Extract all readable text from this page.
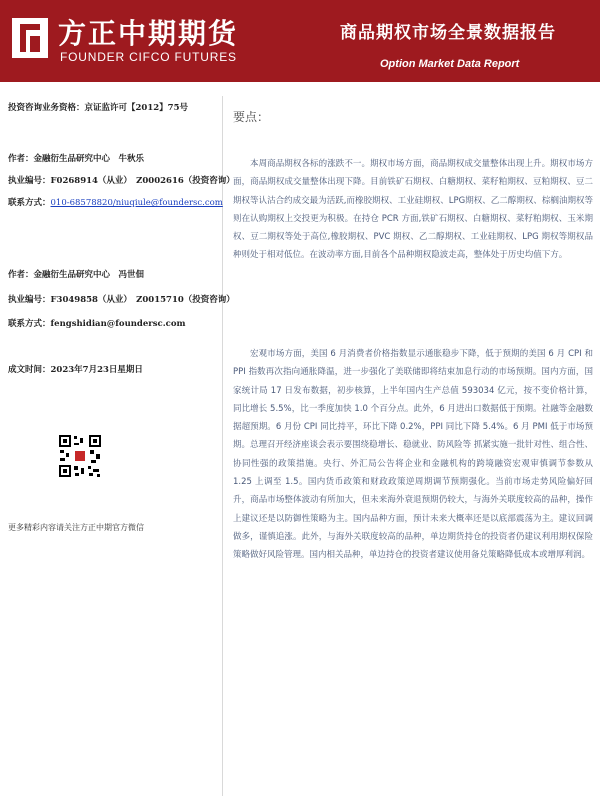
方正中期期货
FOUNDER CIFCO FUTURES
商品期权市场全景数据报告
Option Market Data Report
投资咨询业务资格：京证监许可【2012】75号
作者：金融衍生品研究中心　牛秋乐
执业编号：F0268914（从业）　Z0002616（投资咨询）
联系方式：010-68578820/niuqiule@foundersc.com
作者：金融衍生品研究中心　冯世佃
执业编号：F3049858（从业）　Z0015710（投资咨询）
联系方式：fengshidian@foundersc.com
成文时间：2023年7月23日星期日
更多精彩内容请关注方正中期官方微信
要点：

本周商品期权各标的涨跌不一。期权市场方面，商品期权成交量整体出现上升。期权市场方面，商品期权成交量整体出现下降。目前铁矿石期权、白糖期权、菜籽粕期权、豆粕期权、豆二期权等认沽合约成交最为活跃,而橡胶期权、工业硅期权、LPG期权、乙二醇期权、棕榈油期权等则在认购期权上交投更为积极。在持仓 PCR 方面,铁矿石期权、白糖期权、菜籽粕期权、玉米期权、豆二期权等处于高位,橡胶期权、PVC 期权、乙二醇期权、工业硅期权、LPG 期权等期权品种则处于相对低位。在波动率方面,目前各个品种期权隐波走高，整体处于历史均值下方。

宏观市场方面，美国 6 月消费者价格指数显示通胀稳步下降，低于预期的美国 6 月 CPI 和 PPI 指数再次指向通胀降温，进一步强化了美联储即将结束加息行动的市场预期。国内方面，国家统计局 17 日发布数据，初步核算，上半年国内生产总值 593034 亿元，按不变价格计算，同比增长 5.5%，比一季度加快 1.0 个百分点。此外，6 月进出口数据低于预期。社融等金融数据超预期。6 月份 CPI 同比持平，环比下降 0.2%，PPI 同比下降 5.4%。6 月 PMI 低于市场预期。总理召开经济座谈会表示要围绕稳增长、稳就业、防风险等 抓紧实施一批针对性、组合性、协同性强的政策措施。央行、外汇局公告将企业和金融机构的跨境融资宏观审慎调节参数从 1.25 上调至 1.5。国内货币政策和财政政策逆周期调节预期强化。当前市场走势风险偏好回升，商品市场整体波动有所加大，但未来海外衰退预期仍较大，与海外关联度较高的品种，操作上建议还是以防御性策略为主。国内品种方面，预计未来大概率还是以底部震荡为主。建议回调做多，谨慎追涨。此外，与海外关联度较高的品种，单边期货持仓的投资者仍建议利用期权保险策略做好风险管理。国内相关品种，单边持仓的投资者建议使用备兑策略降低成本或增厚利润。
